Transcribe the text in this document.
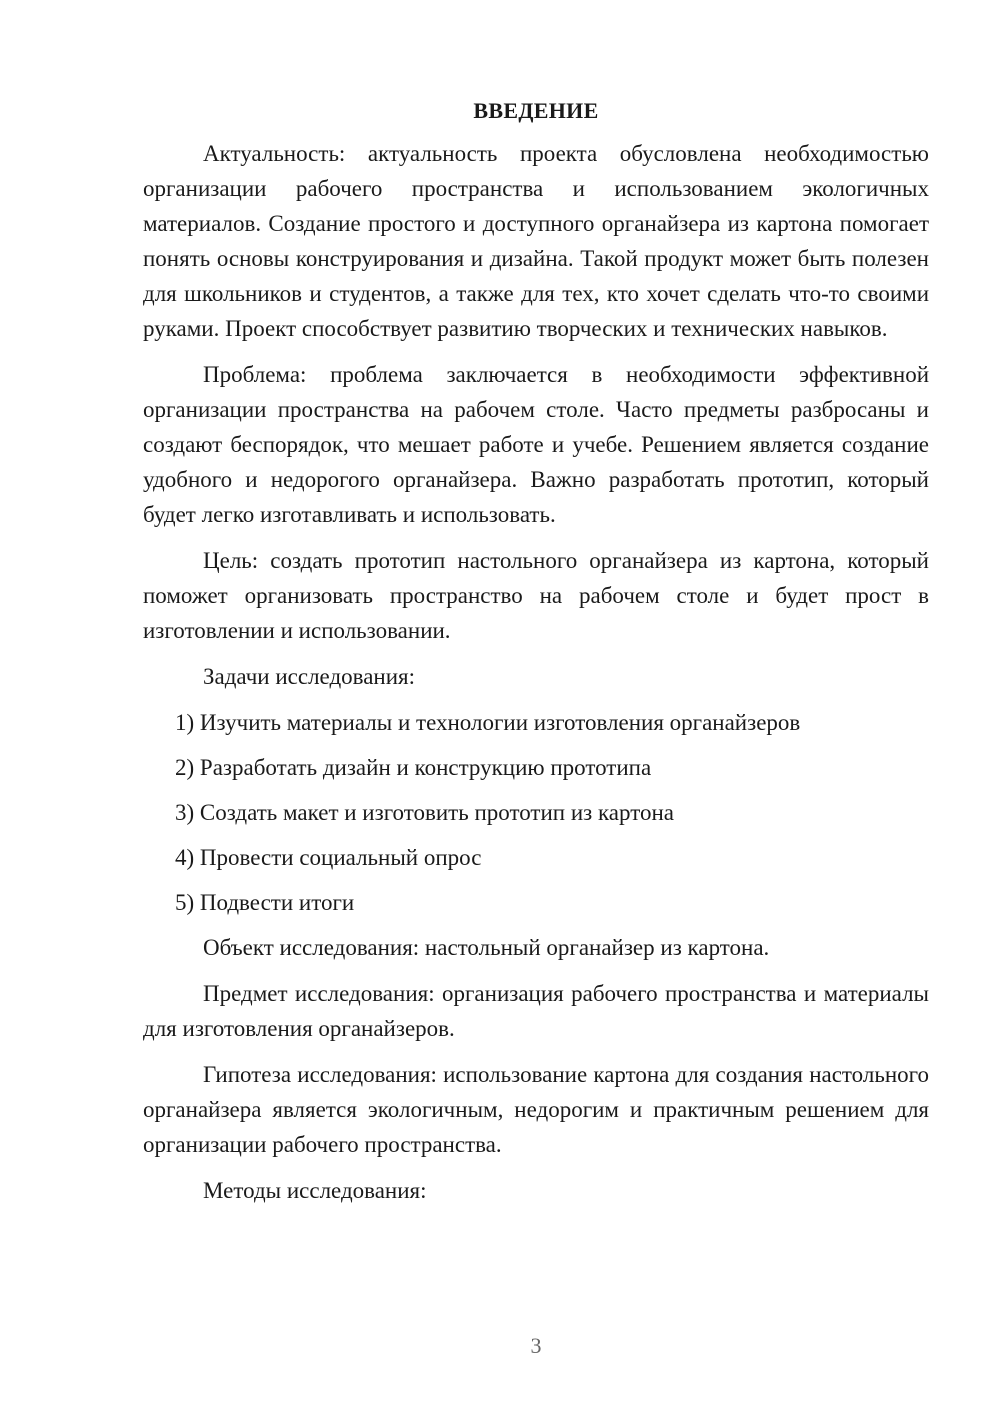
ВВЕДЕНИЕ

Актуальность: актуальность проекта обусловлена необходимостью организации рабочего пространства и использованием экологичных материалов. Создание простого и доступного органайзера из картона помогает понять основы конструирования и дизайна. Такой продукт может быть полезен для школьников и студентов, а также для тех, кто хочет сделать что-то своими руками. Проект способствует развитию творческих и технических навыков.

Проблема: проблема заключается в необходимости эффективной организации пространства на рабочем столе. Часто предметы разбросаны и создают беспорядок, что мешает работе и учебе. Решением является создание удобного и недорогого органайзера. Важно разработать прототип, который будет легко изготавливать и использовать.

Цель: создать прототип настольного органайзера из картона, который поможет организовать пространство на рабочем столе и будет прост в изготовлении и использовании.

Задачи исследования:

1) Изучить материалы и технологии изготовления органайзеров
2) Разработать дизайн и конструкцию прототипа
3) Создать макет и изготовить прототип из картона
4) Провести социальный опрос
5) Подвести итоги

Объект исследования: настольный органайзер из картона.

Предмет исследования: организация рабочего пространства и материалы для изготовления органайзеров.

Гипотеза исследования: использование картона для создания настольного органайзера является экологичным, недорогим и практичным решением для организации рабочего пространства.

Методы исследования:

3
